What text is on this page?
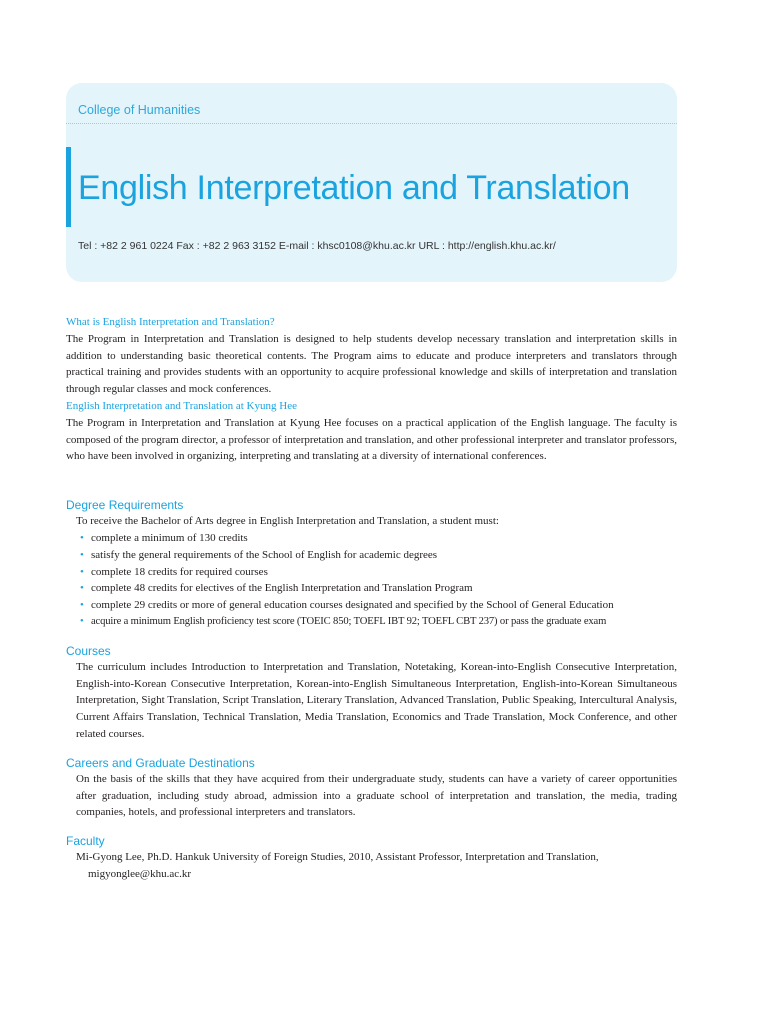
College of Humanities
English Interpretation and Translation
Tel : +82 2 961 0224 Fax : +82 2 963 3152 E-mail : khsc0108@khu.ac.kr URL : http://english.khu.ac.kr/
What is English Interpretation and Translation?
The Program in Interpretation and Translation is designed to help students develop necessary translation and interpretation skills in addition to understanding basic theoretical contents. The Program aims to educate and produce interpreters and translators through practical training and provides students with an opportunity to acquire professional knowledge and skills of interpretation and translation through regular classes and mock conferences.
English Interpretation and Translation at Kyung Hee
The Program in Interpretation and Translation at Kyung Hee focuses on a practical application of the English language. The faculty is composed of the program director, a professor of interpretation and translation, and other professional interpreter and translator professors, who have been involved in organizing, interpreting and translating at a diversity of international conferences.
Degree Requirements
To receive the Bachelor of Arts degree in English Interpretation and Translation, a student must:
• complete a minimum of 130 credits
• satisfy the general requirements of the School of English for academic degrees
• complete 18 credits for required courses
• complete 48 credits for electives of the English Interpretation and Translation Program
• complete 29 credits or more of general education courses designated and specified by the School of General Education
• acquire a minimum English proficiency test score (TOEIC 850; TOEFL IBT 92; TOEFL CBT 237) or pass the graduate exam
Courses
The curriculum includes Introduction to Interpretation and Translation, Notetaking, Korean-into-English Consecutive Interpretation, English-into-Korean Consecutive Interpretation, Korean-into-English Simultaneous Interpretation, English-into-Korean Simultaneous Interpretation, Sight Translation, Script Translation, Literary Translation, Advanced Translation, Public Speaking, Intercultural Analysis, Current Affairs Translation, Technical Translation, Media Translation, Economics and Trade Translation, Mock Conference, and other related courses.
Careers and Graduate Destinations
On the basis of the skills that they have acquired from their undergraduate study, students can have a variety of career opportunities after graduation, including study abroad, admission into a graduate school of interpretation and translation, the media, trading companies, hotels, and professional interpreters and translators.
Faculty
Mi-Gyong Lee, Ph.D. Hankuk University of Foreign Studies, 2010, Assistant Professor, Interpretation and Translation,
migyonglee@khu.ac.kr
